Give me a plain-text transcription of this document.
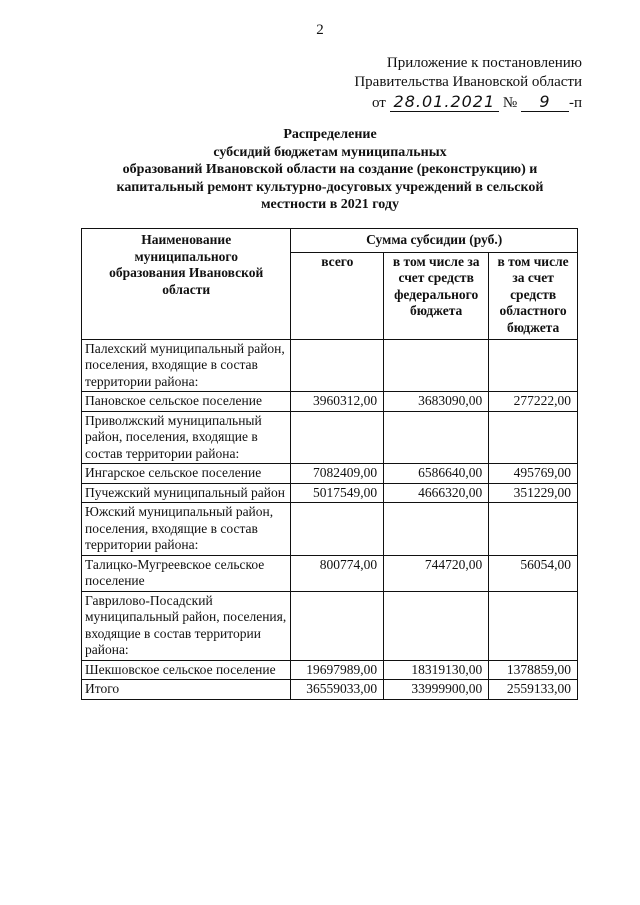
2
Приложение к постановлению
Правительства Ивановской области
от 28.01.2021 № 9 -п
Распределение
субсидий бюджетам муниципальных
образований Ивановской области на создание (реконструкцию) и
капитальный ремонт культурно-досуговых учреждений в сельской
местности в 2021 году
Наименование муниципального образования Ивановской области	Сумма субсидии (руб.)		
	всего	в том числе за счет средств федерального бюджета	в том числе за счет средств областного бюджета
Палехский муниципальный район, поселения, входящие в состав территории района:			
Пановское сельское поселение	3960312,00	3683090,00	277222,00
Приволжский муниципальный район, поселения, входящие в состав территории района:			
Ингарское сельское поселение	7082409,00	6586640,00	495769,00
Пучежский муниципальный район	5017549,00	4666320,00	351229,00
Южский муниципальный район, поселения, входящие в состав территории района:			
Талицко-Мугреевское сельское поселение	800774,00	744720,00	56054,00
Гаврилово-Посадский муниципальный район, поселения, входящие в состав территории района:			
Шекшовское сельское поселение	19697989,00	18319130,00	1378859,00
Итого	36559033,00	33999900,00	2559133,00
